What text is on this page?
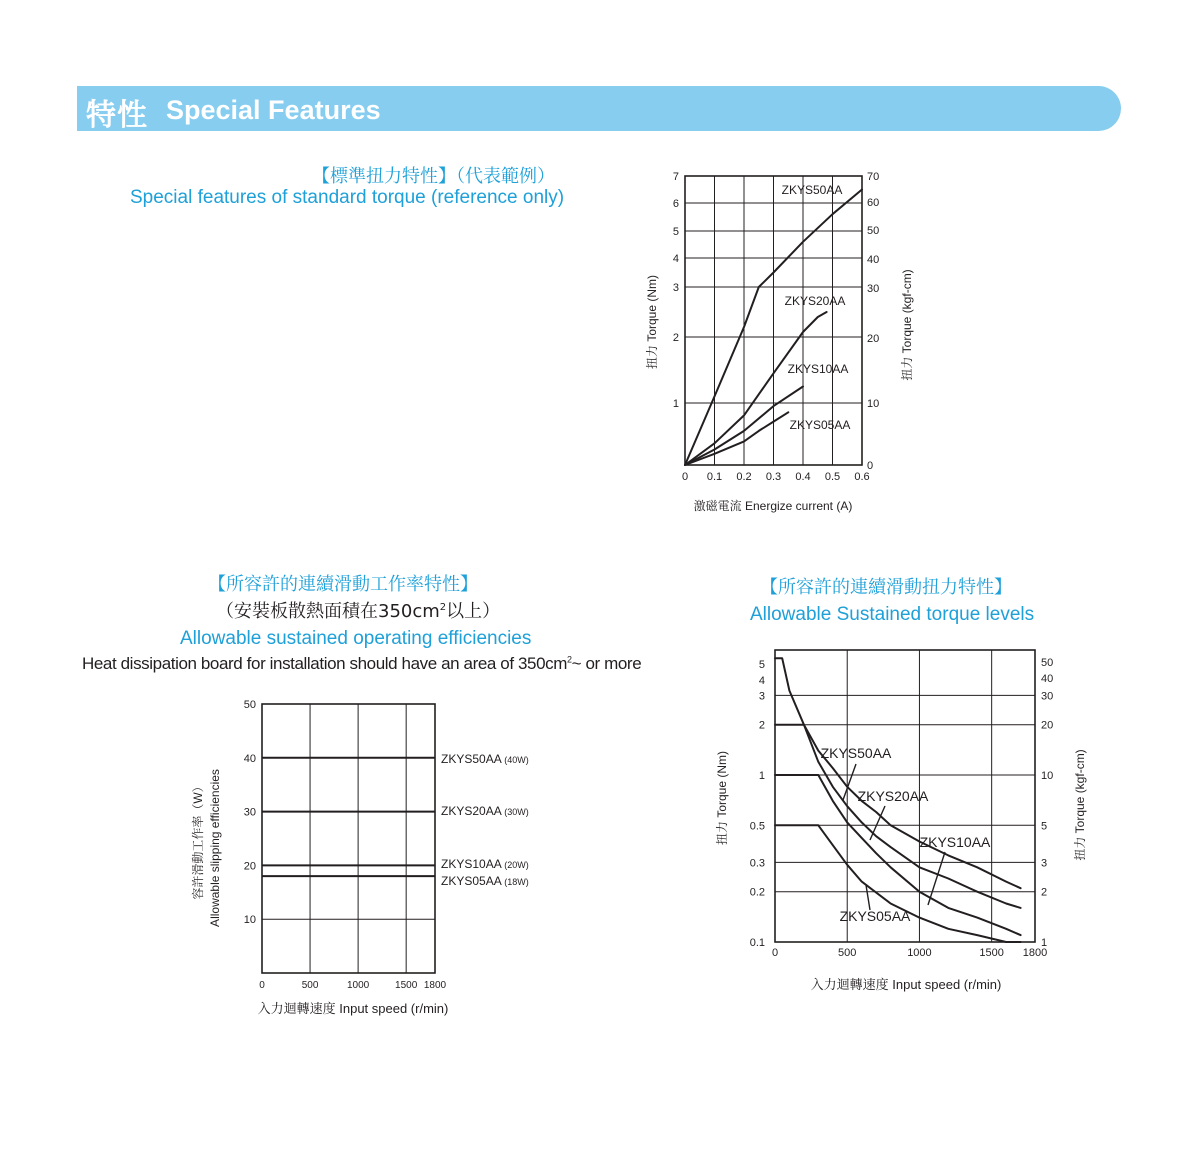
特性 Special Features
【標準扭力特性】（代表範例）
Special features of standard torque (reference only)
【所容許的連續滑動工作率特性】
（安裝板散熱面積在$350cm^2$以上）
Allowable sustained operating efficiencies
Heat dissipation board for installation should have an area of $350cm^2\sim$ or more
【所容許的連續滑動扭力特性】
Allowable Sustained torque levels
0 0.1 0.2 0.3 0.4 0.5 0.6
1
2
3
4
5
6
7
0
10
20
30
40
50
60
70
激磁電流 Energize current (A)
扭力 Torque (Nm)	扭力 Torque (kgf-cm)
ZKYS50AA
ZKYS20AA
ZKYS10AA
ZKYS05AA
0	500	1000	1500 1800
10
20
30
40
50
入力迴轉速度 Input speed (r/min)
容許滑動工作率（W） Allowable slipping efficiencies
ZKYS50AA (40W)
ZKYS20AA (30W)
ZKYS10AA (20W)
ZKYS05AA (18W)
0	500	1000	1500 1800
0.1
0.2
0.3
0.5
1
2
3
4
5
1
2
3
5
10
20
30
40
50
入力迴轉速度 Input speed (r/min)
扭力 Torque (Nm)	扭力 Torque (kgf-cm)
ZKYS50AA
ZKYS20AA
ZKYS10AA
ZKYS05AA
